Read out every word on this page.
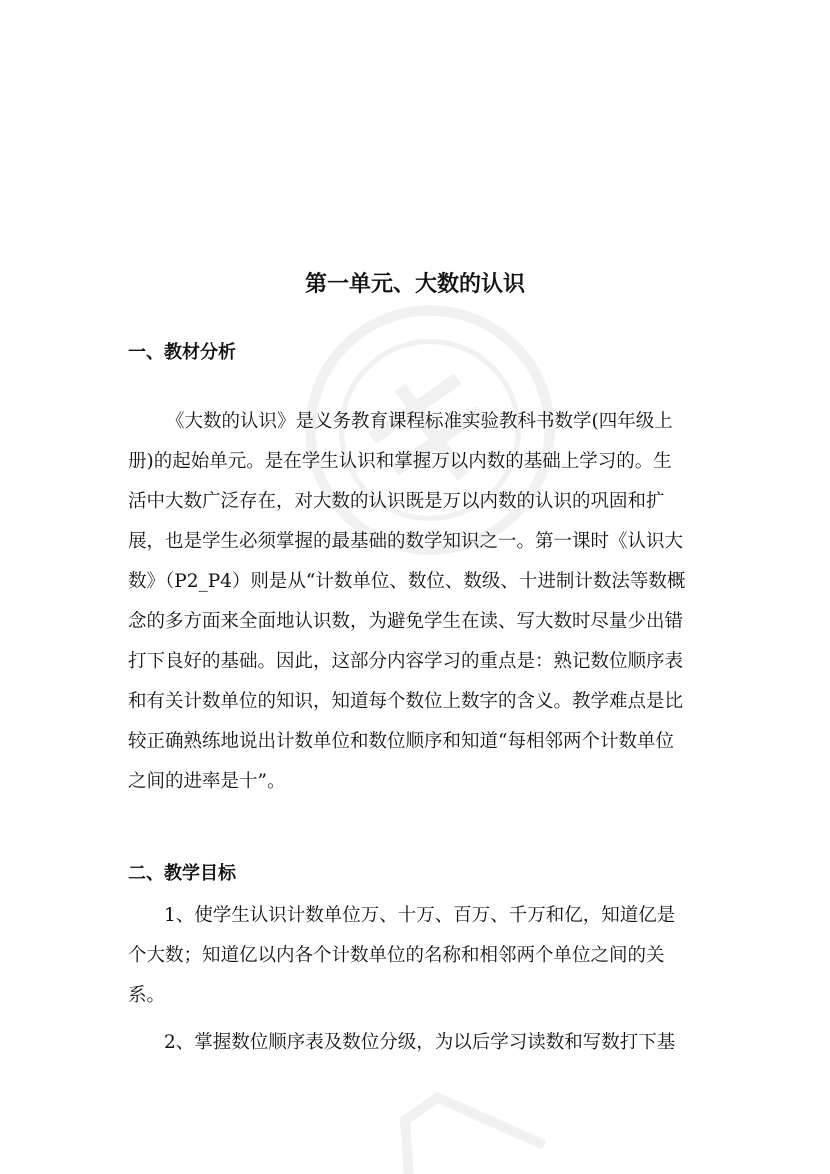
第一单元、大数的认识
一、教材分析

《大数的认识》是义务教育课程标准实验教科书数学(四年级上

册)的起始单元。是在学生认识和掌握万以内数的基础上学习的。生

活中大数广泛存在，对大数的认识既是万以内数的认识的巩固和扩

展，也是学生必须掌握的最基础的数学知识之一。第一课时《认识大

数》（P2_P4）则是从“计数单位、数位、数级、十进制计数法等数概

念的多方面来全面地认识数，为避免学生在读、写大数时尽量少出错

打下良好的基础。因此，这部分内容学习的重点是：熟记数位顺序表

和有关计数单位的知识，知道每个数位上数字的含义。教学难点是比

较正确熟练地说出计数单位和数位顺序和知道“每相邻两个计数单位

之间的进率是十”。

二、教学目标

1、使学生认识计数单位万、十万、百万、千万和亿，知道亿是

个大数；知道亿以内各个计数单位的名称和相邻两个单位之间的关

系。

2、掌握数位顺序表及数位分级，为以后学习读数和写数打下基
